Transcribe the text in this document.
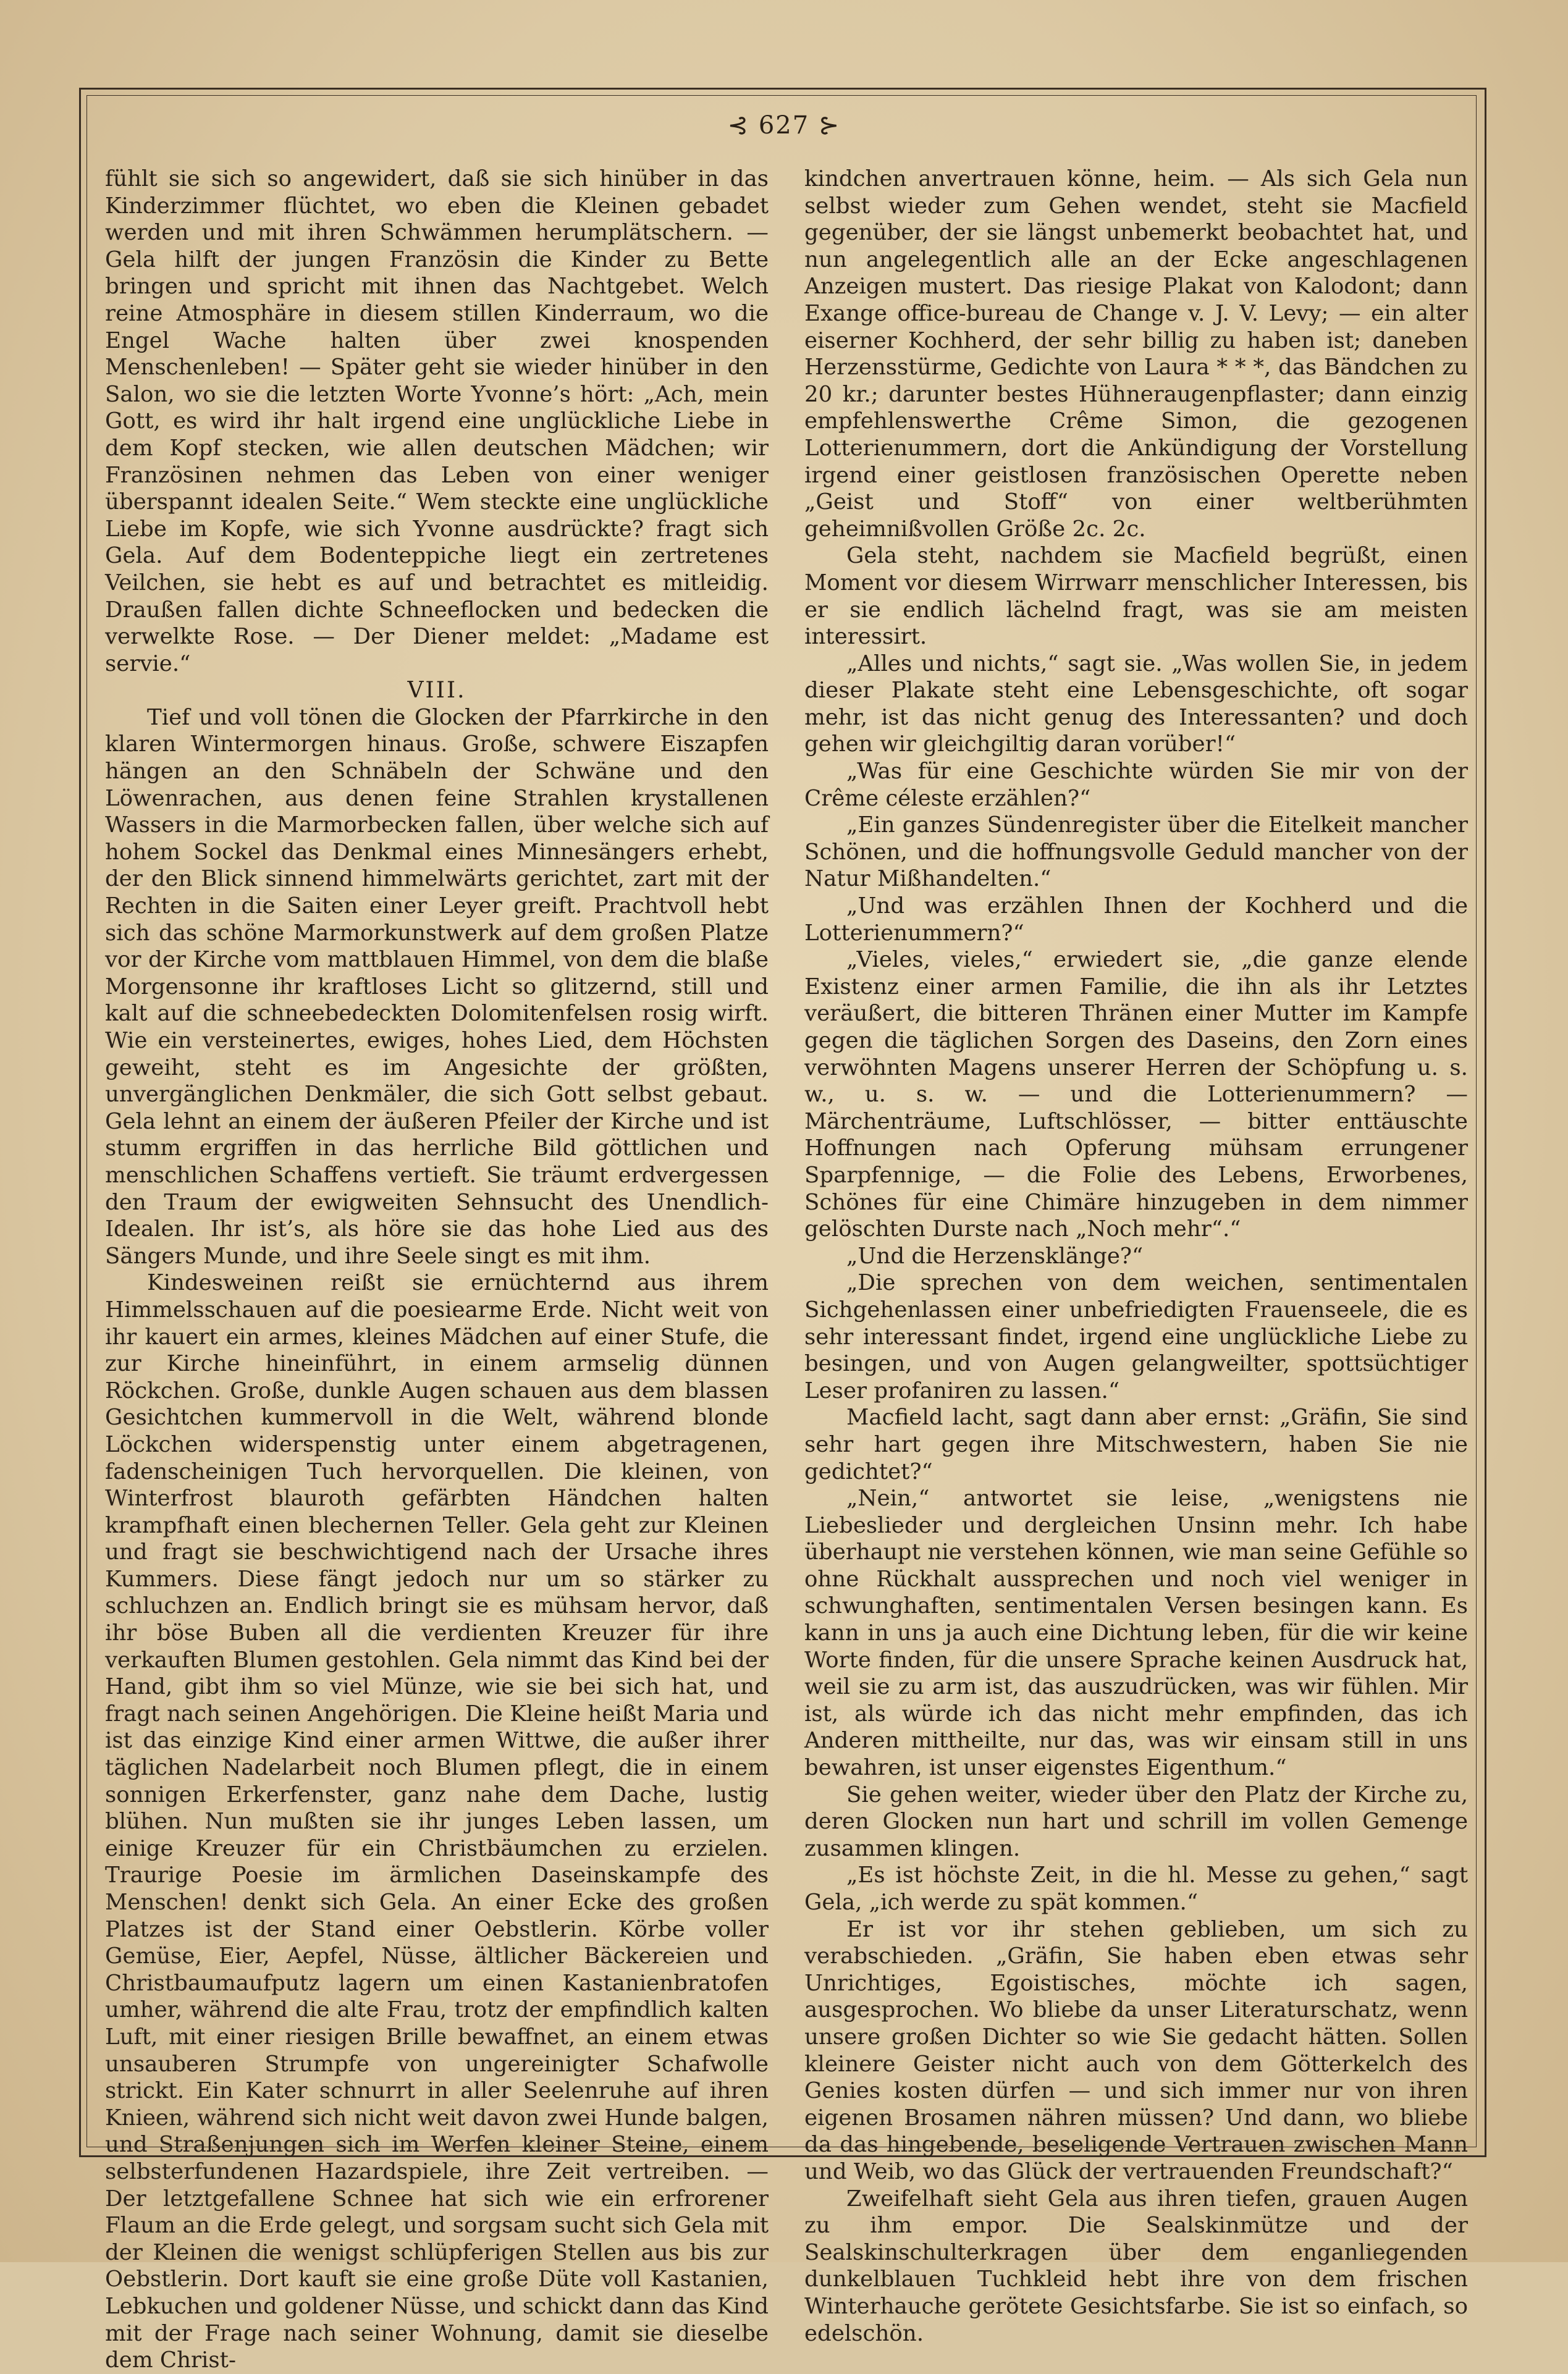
⊰ 627 ⊱

fühlt sie sich so angewidert, daß sie sich hinüber in das Kinderzimmer flüchtet, wo eben die Kleinen gebadet werden und mit ihren Schwämmen herumplätschern. — Gela hilft der jungen Französin die Kinder zu Bette bringen und spricht mit ihnen das Nachtgebet. Welch reine Atmosphäre in diesem stillen Kinderraum, wo die Engel Wache halten über zwei knospenden Menschenleben! — Später geht sie wieder hinüber in den Salon, wo sie die letzten Worte Yvonne’s hört: „Ach, mein Gott, es wird ihr halt irgend eine unglückliche Liebe in dem Kopf stecken, wie allen deutschen Mädchen; wir Französinen nehmen das Leben von einer weniger überspannt idealen Seite.“ Wem steckte eine unglückliche Liebe im Kopfe, wie sich Yvonne ausdrückte? fragt sich Gela. Auf dem Bodenteppiche liegt ein zertretenes Veilchen, sie hebt es auf und betrachtet es mitleidig. Draußen fallen dichte Schneeflocken und bedecken die verwelkte Rose. — Der Diener meldet: „Madame est servie.“

VIII.

Tief und voll tönen die Glocken der Pfarrkirche in den klaren Wintermorgen hinaus. Große, schwere Eiszapfen hängen an den Schnäbeln der Schwäne und den Löwenrachen, aus denen feine Strahlen krystallenen Wassers in die Marmorbecken fallen, über welche sich auf hohem Sockel das Denkmal eines Minnesängers erhebt, der den Blick sinnend himmelwärts gerichtet, zart mit der Rechten in die Saiten einer Leyer greift. Prachtvoll hebt sich das schöne Marmorkunstwerk auf dem großen Platze vor der Kirche vom mattblauen Himmel, von dem die blaße Morgensonne ihr kraftloses Licht so glitzernd, still und kalt auf die schneebedeckten Dolomitenfelsen rosig wirft. Wie ein versteinertes, ewiges, hohes Lied, dem Höchsten geweiht, steht es im Angesichte der größten, unvergänglichen Denkmäler, die sich Gott selbst gebaut. Gela lehnt an einem der äußeren Pfeiler der Kirche und ist stumm ergriffen in das herrliche Bild göttlichen und menschlichen Schaffens vertieft. Sie träumt erdvergessen den Traum der ewigweiten Sehnsucht des Unendlich-Idealen. Ihr ist’s, als höre sie das hohe Lied aus des Sängers Munde, und ihre Seele singt es mit ihm.

Kindesweinen reißt sie ernüchternd aus ihrem Himmelsschauen auf die poesiearme Erde. Nicht weit von ihr kauert ein armes, kleines Mädchen auf einer Stufe, die zur Kirche hineinführt, in einem armselig dünnen Röckchen. Große, dunkle Augen schauen aus dem blassen Gesichtchen kummervoll in die Welt, während blonde Löckchen widerspenstig unter einem abgetragenen, fadenscheinigen Tuch hervorquellen. Die kleinen, von Winterfrost blauroth gefärbten Händchen halten krampfhaft einen blechernen Teller. Gela geht zur Kleinen und fragt sie beschwichtigend nach der Ursache ihres Kummers. Diese fängt jedoch nur um so stärker zu schluchzen an. Endlich bringt sie es mühsam hervor, daß ihr böse Buben all die verdienten Kreuzer für ihre verkauften Blumen gestohlen. Gela nimmt das Kind bei der Hand, gibt ihm so viel Münze, wie sie bei sich hat, und fragt nach seinen Angehörigen. Die Kleine heißt Maria und ist das einzige Kind einer armen Wittwe, die außer ihrer täglichen Nadelarbeit noch Blumen pflegt, die in einem sonnigen Erkerfenster, ganz nahe dem Dache, lustig blühen. Nun mußten sie ihr junges Leben lassen, um einige Kreuzer für ein Christbäumchen zu erzielen. Traurige Poesie im ärmlichen Daseinskampfe des Menschen! denkt sich Gela. An einer Ecke des großen Platzes ist der Stand einer Oebstlerin. Körbe voller Gemüse, Eier, Aepfel, Nüsse, ältlicher Bäckereien und Christbaumaufputz lagern um einen Kastanienbratofen umher, während die alte Frau, trotz der empfindlich kalten Luft, mit einer riesigen Brille bewaffnet, an einem etwas unsauberen Strumpfe von ungereinigter Schafwolle strickt. Ein Kater schnurrt in aller Seelenruhe auf ihren Knieen, während sich nicht weit davon zwei Hunde balgen, und Straßenjungen sich im Werfen kleiner Steine, einem selbsterfundenen Hazardspiele, ihre Zeit vertreiben. — Der letztgefallene Schnee hat sich wie ein erfrorener Flaum an die Erde gelegt, und sorgsam sucht sich Gela mit der Kleinen die wenigst schlüpferigen Stellen aus bis zur Oebstlerin. Dort kauft sie eine große Düte voll Kastanien, Lebkuchen und goldener Nüsse, und schickt dann das Kind mit der Frage nach seiner Wohnung, damit sie dieselbe dem Christ-

kindchen anvertrauen könne, heim. — Als sich Gela nun selbst wieder zum Gehen wendet, steht sie Macfield gegenüber, der sie längst unbemerkt beobachtet hat, und nun angelegentlich alle an der Ecke angeschlagenen Anzeigen mustert. Das riesige Plakat von Kalodont; dann Exange office-bureau de Change v. J. V. Levy; — ein alter eiserner Kochherd, der sehr billig zu haben ist; daneben Herzensstürme, Gedichte von Laura * * *, das Bändchen zu 20 kr.; darunter bestes Hühneraugenpflaster; dann einzig empfehlenswerthe Crême Simon, die gezogenen Lotterienummern, dort die Ankündigung der Vorstellung irgend einer geistlosen französischen Operette neben „Geist und Stoff“ von einer weltberühmten geheimnißvollen Größe 2c. 2c.

Gela steht, nachdem sie Macfield begrüßt, einen Moment vor diesem Wirrwarr menschlicher Interessen, bis er sie endlich lächelnd fragt, was sie am meisten interessirt.

„Alles und nichts,“ sagt sie. „Was wollen Sie, in jedem dieser Plakate steht eine Lebensgeschichte, oft sogar mehr, ist das nicht genug des Interessanten? und doch gehen wir gleichgiltig daran vorüber!“

„Was für eine Geschichte würden Sie mir von der Crême céleste erzählen?“

„Ein ganzes Sündenregister über die Eitelkeit mancher Schönen, und die hoffnungsvolle Geduld mancher von der Natur Mißhandelten.“

„Und was erzählen Ihnen der Kochherd und die Lotterienummern?“

„Vieles, vieles,“ erwiedert sie, „die ganze elende Existenz einer armen Familie, die ihn als ihr Letztes veräußert, die bitteren Thränen einer Mutter im Kampfe gegen die täglichen Sorgen des Daseins, den Zorn eines verwöhnten Magens unserer Herren der Schöpfung u. s. w., u. s. w. — und die Lotterienummern? — Märchenträume, Luftschlösser, — bitter enttäuschte Hoffnungen nach Opferung mühsam errungener Sparpfennige, — die Folie des Lebens, Erworbenes, Schönes für eine Chimäre hinzugeben in dem nimmer gelöschten Durste nach „Noch mehr“.“

„Und die Herzensklänge?“

„Die sprechen von dem weichen, sentimentalen Sichgehenlassen einer unbefriedigten Frauenseele, die es sehr interessant findet, irgend eine unglückliche Liebe zu besingen, und von Augen gelangweilter, spottsüchtiger Leser profaniren zu lassen.“

Macfield lacht, sagt dann aber ernst: „Gräfin, Sie sind sehr hart gegen ihre Mitschwestern, haben Sie nie gedichtet?“

„Nein,“ antwortet sie leise, „wenigstens nie Liebeslieder und dergleichen Unsinn mehr. Ich habe überhaupt nie verstehen können, wie man seine Gefühle so ohne Rückhalt aussprechen und noch viel weniger in schwunghaften, sentimentalen Versen besingen kann. Es kann in uns ja auch eine Dichtung leben, für die wir keine Worte finden, für die unsere Sprache keinen Ausdruck hat, weil sie zu arm ist, das auszudrücken, was wir fühlen. Mir ist, als würde ich das nicht mehr empfinden, das ich Anderen mittheilte, nur das, was wir einsam still in uns bewahren, ist unser eigenstes Eigenthum.“

Sie gehen weiter, wieder über den Platz der Kirche zu, deren Glocken nun hart und schrill im vollen Gemenge zusammen klingen.

„Es ist höchste Zeit, in die hl. Messe zu gehen,“ sagt Gela, „ich werde zu spät kommen.“

Er ist vor ihr stehen geblieben, um sich zu verabschieden. „Gräfin, Sie haben eben etwas sehr Unrichtiges, Egoistisches, möchte ich sagen, ausgesprochen. Wo bliebe da unser Literaturschatz, wenn unsere großen Dichter so wie Sie gedacht hätten. Sollen kleinere Geister nicht auch von dem Götterkelch des Genies kosten dürfen — und sich immer nur von ihren eigenen Brosamen nähren müssen? Und dann, wo bliebe da das hingebende, beseligende Vertrauen zwischen Mann und Weib, wo das Glück der vertrauenden Freundschaft?“

Zweifelhaft sieht Gela aus ihren tiefen, grauen Augen zu ihm empor. Die Sealskinmütze und der Sealskinschulterkragen über dem enganliegenden dunkelblauen Tuchkleid hebt ihre von dem frischen Winterhauche gerötete Gesichtsfarbe. Sie ist so einfach, so edelschön.
